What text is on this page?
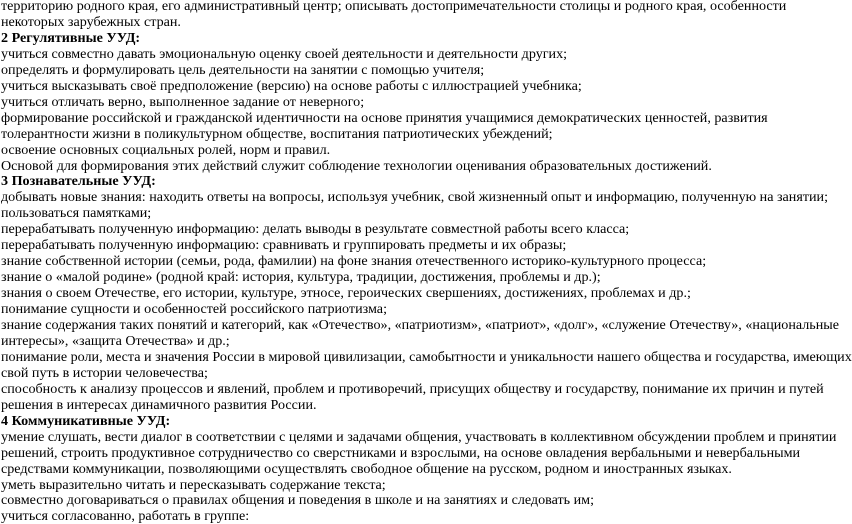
территорию родного края, его административный центр; описывать достопримечательности столицы и родного края, особенности
некоторых зарубежных стран.
2 Регулятивные УУД:
учиться совместно давать эмоциональную оценку своей деятельности и деятельности других;
определять и формулировать цель деятельности на занятии с помощью учителя;
учиться высказывать своё предположение (версию) на основе работы с иллюстрацией учебника;
учиться отличать верно, выполненное задание от неверного;
формирование российской и гражданской идентичности на основе принятия учащимися демократических ценностей, развития
толерантности жизни в поликультурном обществе, воспитания патриотических убеждений;
освоение основных социальных ролей, норм и правил.
Основой для формирования этих действий служит соблюдение технологии оценивания образовательных достижений.
3 Познавательные УУД:
добывать новые знания: находить ответы на вопросы, используя учебник, свой жизненный опыт и информацию, полученную на занятии;
пользоваться памятками;
перерабатывать полученную информацию: делать выводы в результате совместной работы всего класса;
перерабатывать полученную информацию: сравнивать и группировать предметы и их образы;
знание собственной истории (семьи, рода, фамилии) на фоне знания отечественного историко-культурного процесса;
знание о «малой родине» (родной край: история, культура, традиции, достижения, проблемы и др.);
знания о своем Отечестве, его истории, культуре, этносе, героических свершениях, достижениях, проблемах и др.;
понимание сущности и особенностей российского патриотизма;
знание содержания таких понятий и категорий, как «Отечество», «патриотизм», «патриот», «долг», «служение Отечеству», «национальные
интересы», «защита Отечества» и др.;
понимание роли, места и значения России в мировой цивилизации, самобытности и уникальности нашего общества и государства, имеющих
свой путь в истории человечества;
способность к анализу процессов и явлений, проблем и противоречий, присущих обществу и государству, понимание их причин и путей
решения в интересах динамичного развития России.
4 Коммуникативные УУД:
умение слушать, вести диалог в соответствии с целями и задачами общения, участвовать в коллективном обсуждении проблем и принятии
решений, строить продуктивное сотрудничество со сверстниками и взрослыми, на основе овладения вербальными и невербальными
средствами коммуникации, позволяющими осуществлять свободное общение на русском, родном и иностранных языках.
уметь выразительно читать и пересказывать содержание текста;
совместно договариваться о правилах общения и поведения в школе и на занятиях и следовать им;
учиться согласованно, работать в группе:
